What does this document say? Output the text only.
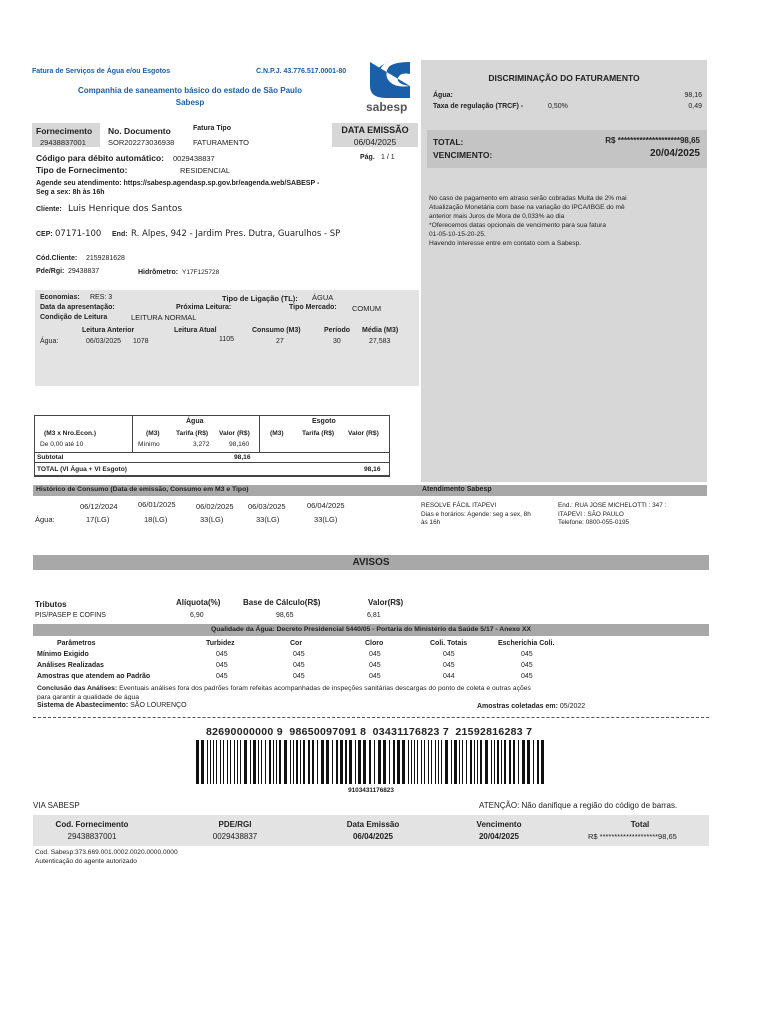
Fatura de Serviços de Água e/ou Esgotos	C.N.P.J. 43.776.517.0001-80
Companhia de saneamento básico do estado de São Paulo
Sabesp	sabesp
DISCRIMINAÇÃO DO FATURAMENTO
Água:	98,16
Taxa de regulação (TRCF) -	0,50%	0,49
TOTAL:	R$ ********************98,65
VENCIMENTO:	20/04/2025
No caso de pagamento em atraso serão cobradas Multa de 2% mai
Atualização Monetária com base na variação do IPCA/IBGE do mê
anterior mais Juros de Mora de 0,033% ao dia
*Oferecemos datas opcionais de vencimento para sua fatura
01-05-10-15-20-25.
Havendo interesse entre em contato com a Sabesp.
Fornecimento
29438837001
No. Documento
SOR202273036938
Fatura Tipo
FATURAMENTO
DATA EMISSÃO
06/04/2025
Código para débito automático: 0029438837	Pág. 1 / 1
Tipo de Fornecimento:	RESIDENCIAL
Agende seu atendimento: https://sabesp.agendasp.sp.gov.br/eagenda.web/SABESP -
Seg a sex: 8h às 16h
Cliente: Luis Henrique dos Santos
CEP: 07171-100 End: R. Alpes, 942 - Jardim Pres. Dutra, Guarulhos - SP
Cód.Cliente: 2159281628
Pde/Rgi: 29438837	Hidrômetro: Y17F125728
Economias: RES: 3	Tipo de Ligação (TL): ÁGUA
Data da apresentação:	Próxima Leitura:	Tipo Mercado: COMUM
Condição de Leitura	LEITURA NORMAL
Leitura Anterior	Leitura Atual	Consumo (M3)	Período Média (M3)
Água:	06/03/2025 1078	1105	27	30	27,583
Água	Esgoto
(M3 x Nro.Econ.)	(M3) Tarifa (R$) Valor (R$)	(M3)	Tarifa (R$) Valor (R$)
De 0,00 até 10	Mínimo	3,272	98,160
Subtotal	98,16
TOTAL (VI Água + VI Esgoto)	98,16
Histórico de Consumo (Data de emissão, Consumo em M3 e Tipo)	Atendimento Sabesp
Água:
06/12/2024	06/01/2025	06/02/2025 06/03/2025	06/04/2025
17(LG)	18(LG)	33(LG)	33(LG)	33(LG)
RESOLVE FÁCIL ITAPEVI
Dias e horários: Agende: seg a sex, 8h
às 16h
End.: RUA JOSE MICHELOTTI : 347 :
ITAPEVI : SÃO PAULO
Telefone: 0800-055-0195
AVISOS
Tributos	Alíquota(%)	Base de Cálculo(R$)	Valor(R$)
PIS/PASEP E COFINS	6,90	98,65	6,81
Qualidade da Água: Decreto Presidencial 5440/05 - Portaria do Ministério da Saúde 5/17 - Anexo XX
Parâmetros	Turbidez	Cor	Cloro	Coli. Totais	Escherichia Coli.
Mínimo Exigido	045	045	045	045	045
Análises Realizadas	045	045	045	045	045
Amostras que atendem ao Padrão	045	045	045	044	045
Conclusão das Análises: Eventuais análises fora dos padrões foram refeitas acompanhadas de inspeções sanitárias descargas do ponto de coleta e outras ações
para garantir a qualidade de água
Sistema de Abastecimento: SÃO LOURENÇO	Amostras coletadas em: 05/2022
82690000000 9  98650097091 8  03431176823 7  21592816283 7
9103431176823
VIA SABESP	ATENÇÃO: Não danifique a região do código de barras.
Cod. Fornecimento	PDE/RGI	Data Emissão	Vencimento	Total
29438837001	0029438837	06/04/2025	20/04/2025	R$ ********************98,65
Cod. Sabesp:373.669.001.0002.0020.0000.0000
Autenticação do agente autorizado
